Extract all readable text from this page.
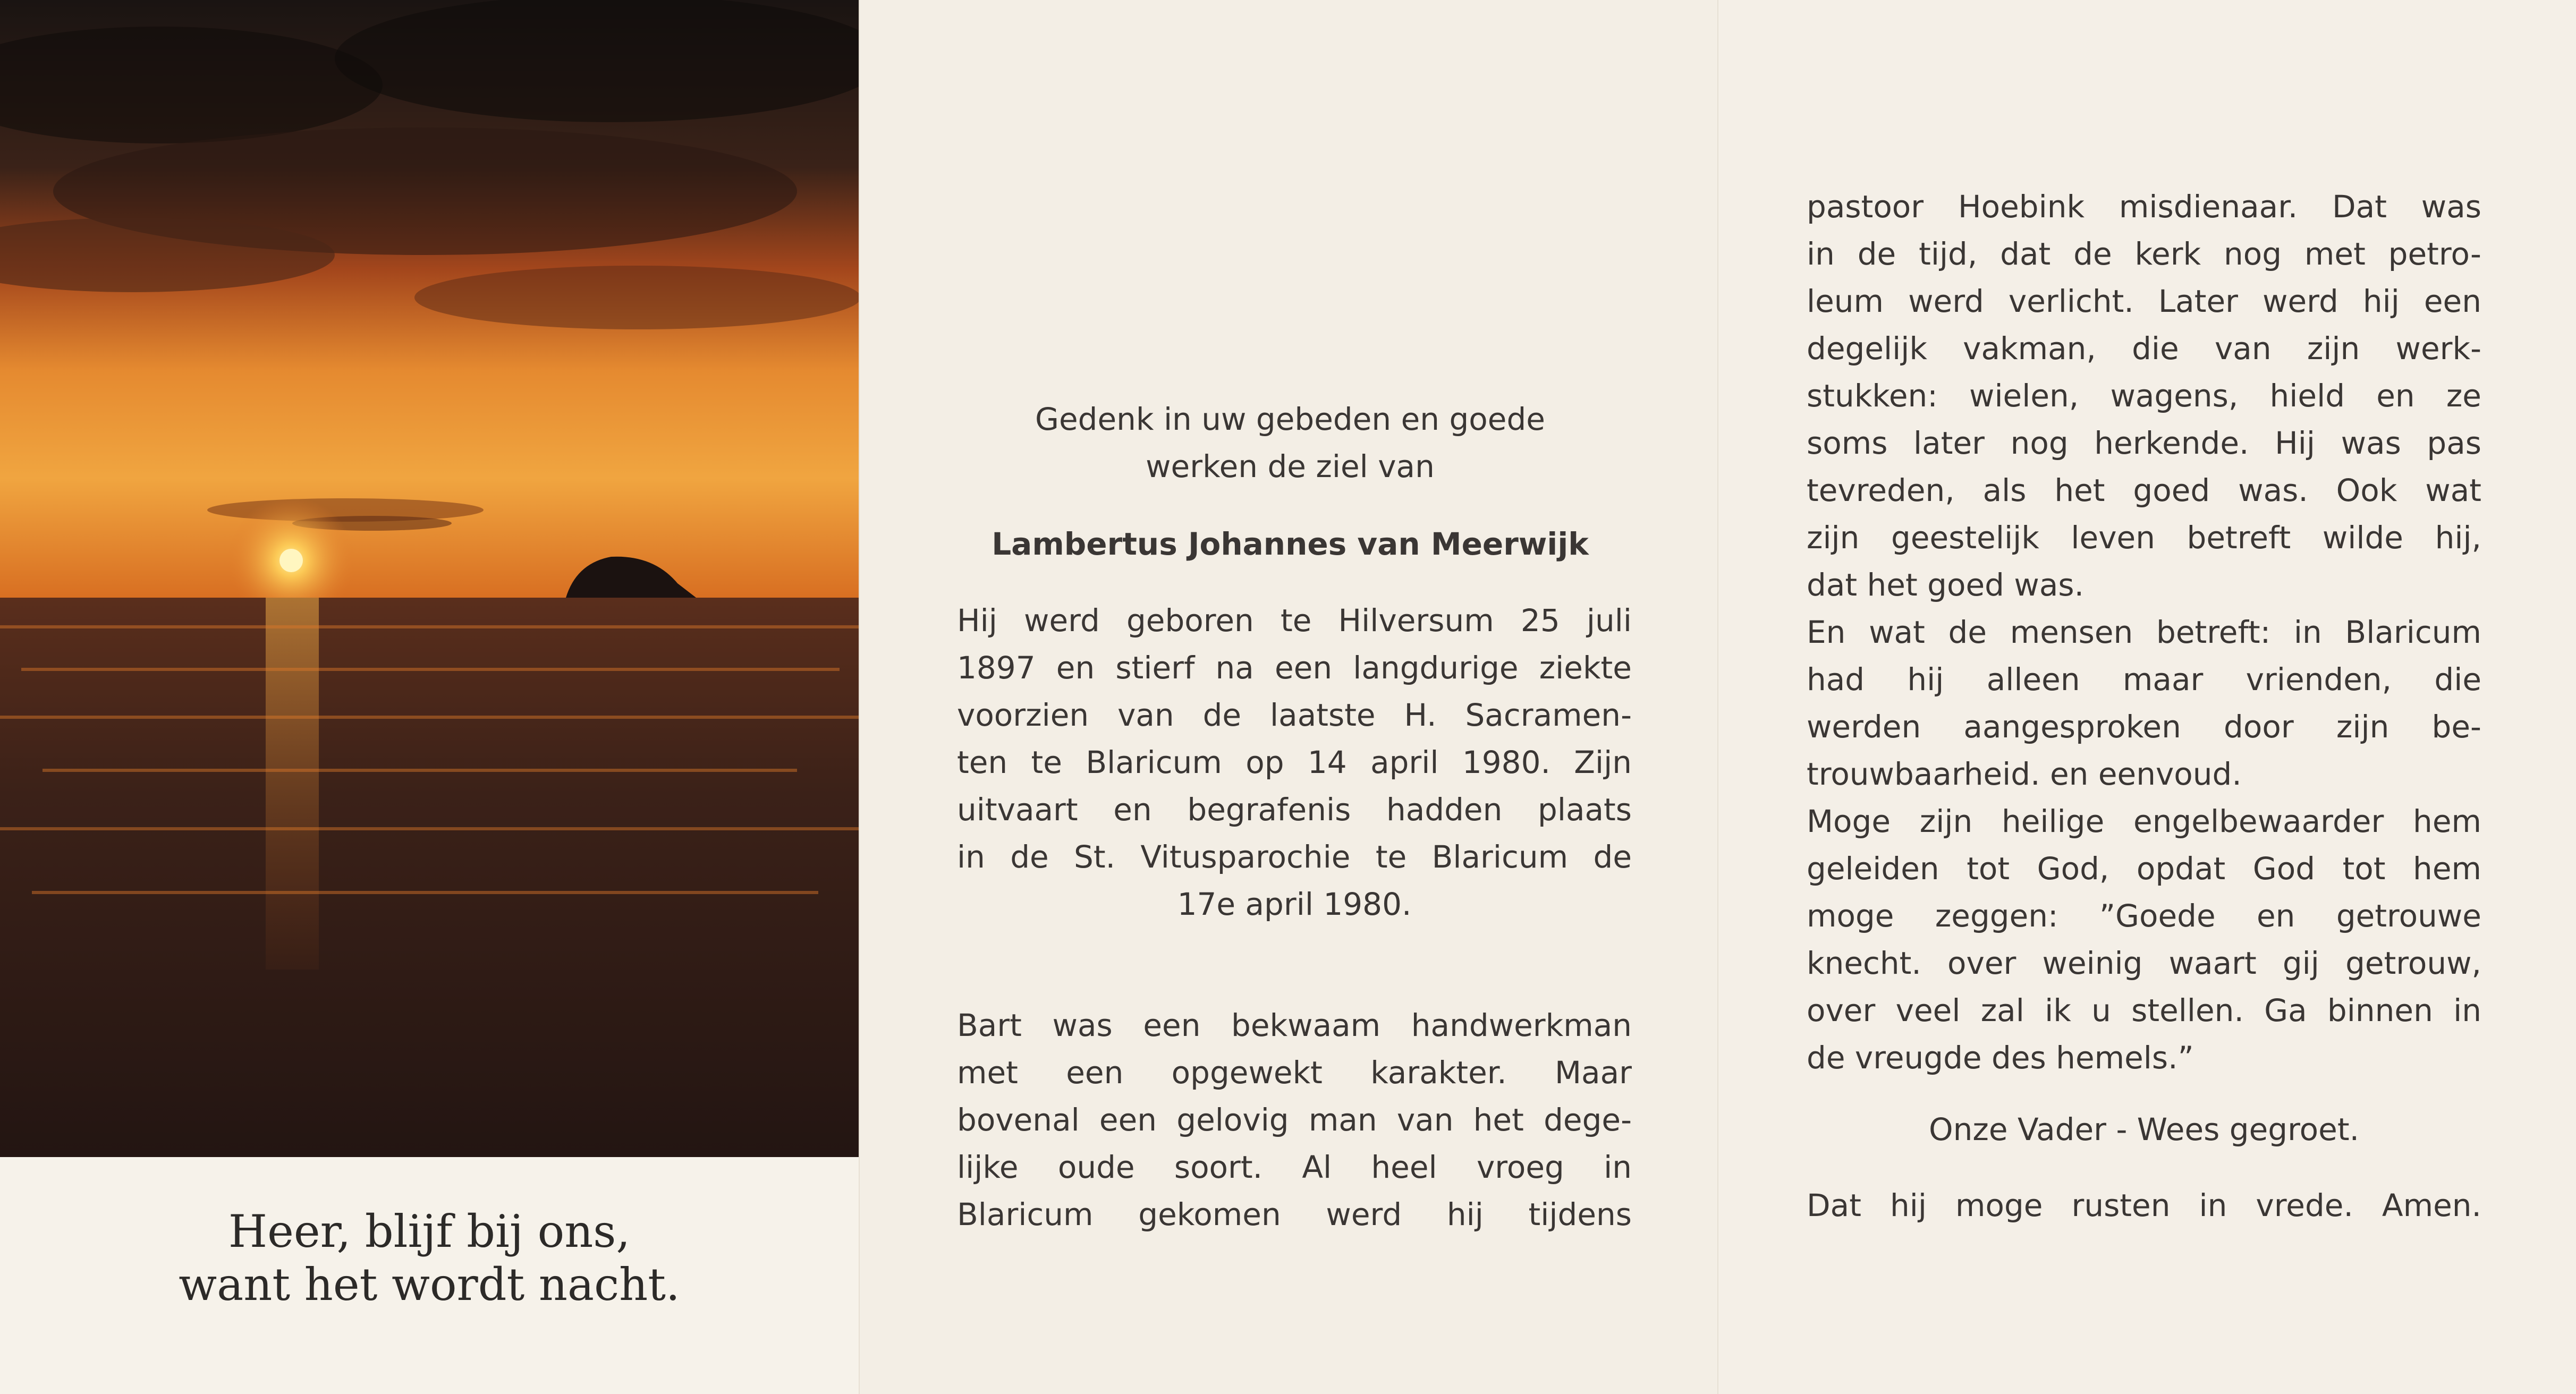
Heer, blijf bij ons,
want het wordt nacht.
Gedenk in uw gebeden en goede
werken de ziel van
Lambertus Johannes van Meerwijk
Hij werd geboren te Hilversum 25 juli
1897 en stierf na een langdurige ziekte
voorzien van de laatste H. Sacramen-
ten te Blaricum op 14 april 1980. Zijn
uitvaart en begrafenis hadden plaats
in de St. Vitusparochie te Blaricum de
17e april 1980.
Bart was een bekwaam handwerkman
met een opgewekt karakter. Maar
bovenal een gelovig man van het dege-
lijke oude soort. Al heel vroeg in
Blaricum gekomen werd hij tijdens
pastoor Hoebink misdienaar. Dat was
in de tijd, dat de kerk nog met petro-
leum werd verlicht. Later werd hij een
degelijk vakman, die van zijn werk-
stukken: wielen, wagens, hield en ze
soms later nog herkende. Hij was pas
tevreden, als het goed was. Ook wat
zijn geestelijk leven betreft wilde hij,
dat het goed was.
En wat de mensen betreft: in Blaricum
had hij alleen maar vrienden, die
werden aangesproken door zijn be-
trouwbaarheid. en eenvoud.
Moge zijn heilige engelbewaarder hem
geleiden tot God, opdat God tot hem
moge zeggen: ”Goede en getrouwe
knecht. over weinig waart gij getrouw,
over veel zal ik u stellen. Ga binnen in
de vreugde des hemels.”
Onze Vader - Wees gegroet.
Dat hij moge rusten in vrede. Amen.
